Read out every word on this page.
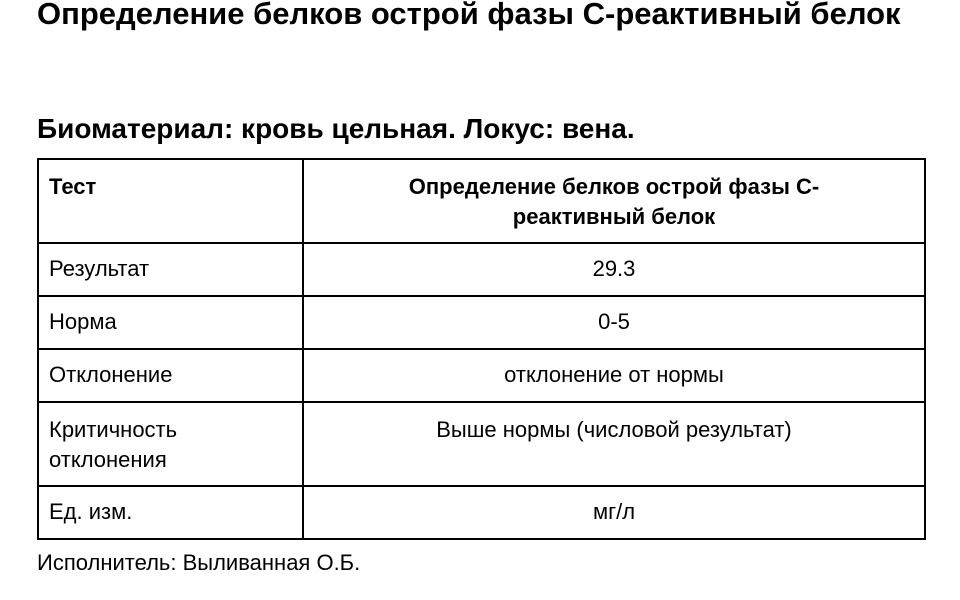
Определение белков острой фазы С-реактивный белок
Биоматериал: кровь цельная. Локус: вена.
Тест	Определение белков острой фазы С-реактивный белок
Результат	29.3
Норма	0-5
Отклонение	отклонение от нормы
Критичность отклонения	Выше нормы (числовой результат)
Ед. изм.	мг/л

Исполнитель: Выливанная О.Б.
